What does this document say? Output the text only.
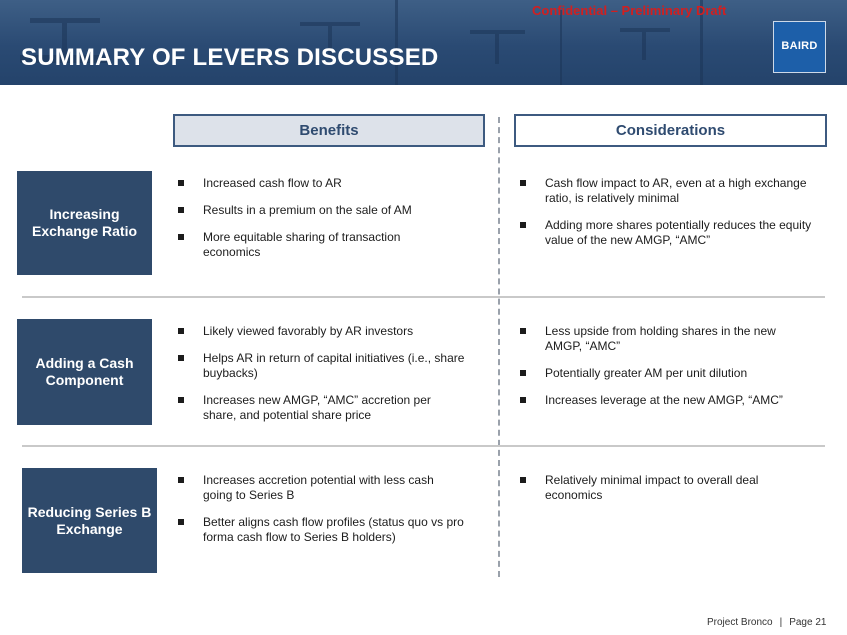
SUMMARY OF LEVERS DISCUSSED
Confidential – Preliminary Draft
BAIRD
Benefits	Considerations
Increasing Exchange Ratio
Increased cash flow to AR
Results in a premium on the sale of AM
More equitable sharing of transaction economics
Cash flow impact to AR, even at a high exchange ratio, is relatively minimal
Adding more shares potentially reduces the equity value of the new AMGP, “AMC”
Adding a Cash Component
Likely viewed favorably by AR investors
Helps AR in return of capital initiatives (i.e., share buybacks)
Increases new AMGP, “AMC” accretion per share, and potential share price
Less upside from holding shares in the new AMGP, “AMC”
Potentially greater AM per unit dilution
Increases leverage at the new AMGP, “AMC”
Reducing Series B Exchange
Increases accretion potential with less cash going to Series B
Better aligns cash flow profiles (status quo vs pro forma cash flow to Series B holders)
Relatively minimal impact to overall deal economics
Project Bronco | Page 21
